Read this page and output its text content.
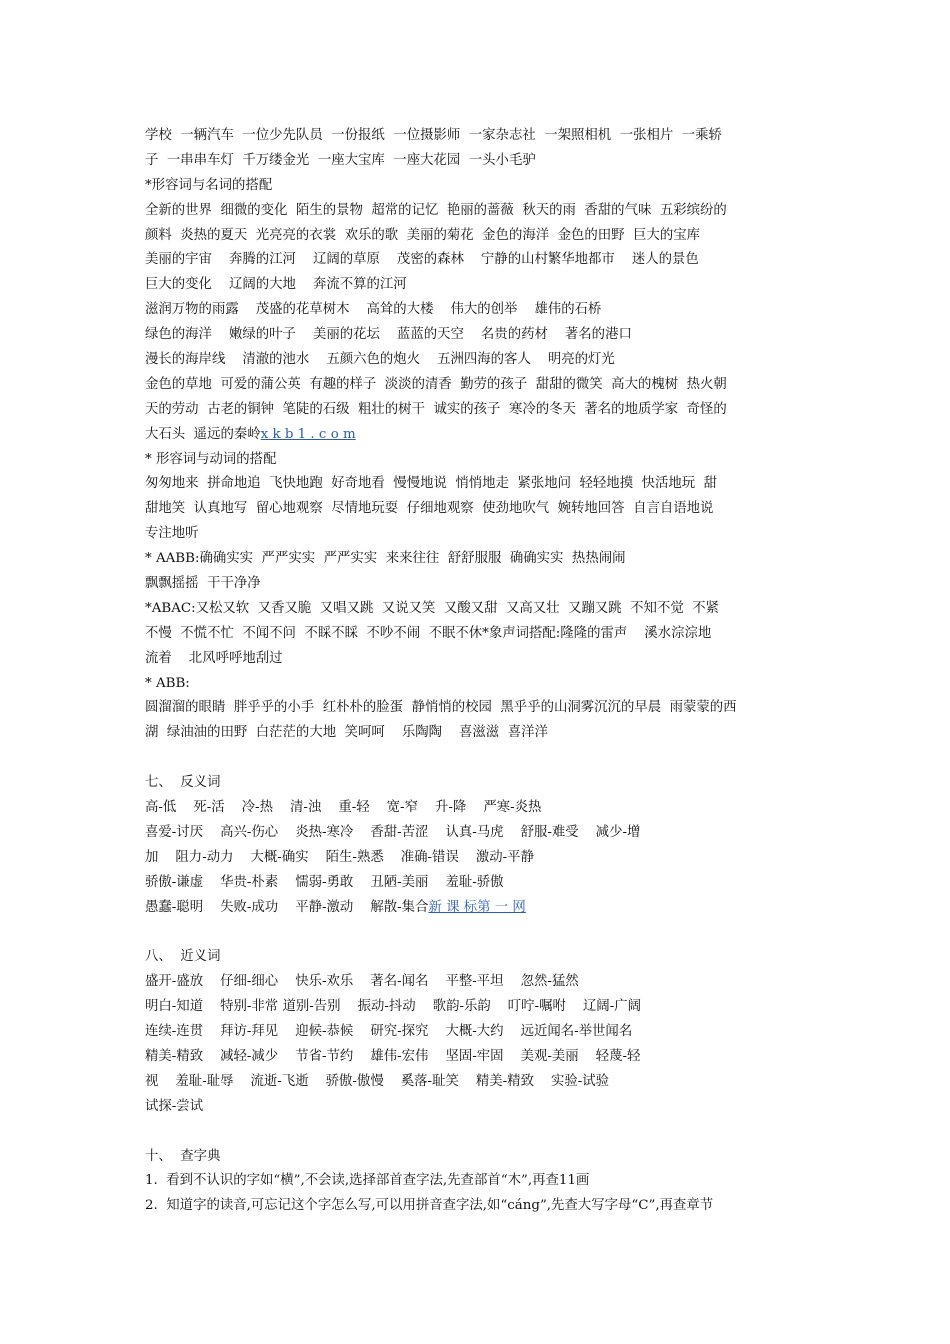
学校  一辆汽车  一位少先队员  一份报纸  一位摄影师  一家杂志社  一架照相机  一张相片  一乘轿
子  一串串车灯  千万缕金光  一座大宝库  一座大花园  一头小毛驴
*形容词与名词的搭配
全新的世界  细微的变化  陌生的景物  超常的记忆  艳丽的蔷薇  秋天的雨  香甜的气味  五彩缤纷的
颜料  炎热的夏天  光亮亮的衣裳  欢乐的歌  美丽的菊花  金色的海洋  金色的田野  巨大的宝库
美丽的宇宙    奔腾的江河    辽阔的草原    茂密的森林    宁静的山村繁华地都市    迷人的景色
巨大的变化    辽阔的大地    奔流不算的江河
滋润万物的雨露    茂盛的花草树木    高耸的大楼    伟大的创举    雄伟的石桥
绿色的海洋    嫩绿的叶子    美丽的花坛    蓝蓝的天空    名贵的药材    著名的港口
漫长的海岸线    清澈的池水    五颜六色的炮火    五洲四海的客人    明亮的灯光
金色的草地  可爱的蒲公英  有趣的样子  淡淡的清香  勤劳的孩子  甜甜的微笑  高大的槐树  热火朝
天的劳动  古老的铜钟  笔陡的石级  粗壮的树干  诚实的孩子  寒冷的冬天  著名的地质学家  奇怪的
大石头  遥远的秦岭x k b 1 . c o m
* 形容词与动词的搭配
匆匆地来  拼命地追  飞快地跑  好奇地看  慢慢地说  悄悄地走  紧张地问  轻轻地摸  快活地玩  甜
甜地笑  认真地写  留心地观察  尽情地玩耍  仔细地观察  使劲地吹气  婉转地回答  自言自语地说
专注地听
* AABB:确确实实  严严实实  严严实实  来来往往  舒舒服服  确确实实  热热闹闹
飘飘摇摇  干干净净
*ABAC:又松又软  又香又脆  又唱又跳  又说又笑  又酸又甜  又高又壮  又蹦又跳  不知不觉  不紧
不慢  不慌不忙  不闻不问  不睬不睬  不吵不闹  不眠不休*象声词搭配:隆隆的雷声    溪水淙淙地
流着    北风呼呼地刮过
* ABB:
圆溜溜的眼睛  胖乎乎的小手  红朴朴的脸蛋  静悄悄的校园  黑乎乎的山洞雾沉沉的早晨  雨蒙蒙的西
湖  绿油油的田野  白茫茫的大地  笑呵呵    乐陶陶    喜滋滋  喜洋洋
七、  反义词
高-低    死-活    冷-热    清-浊    重-轻    宽-窄    升-降    严寒-炎热
喜爱-讨厌    高兴-伤心    炎热-寒冷    香甜-苦涩    认真-马虎    舒服-难受    减少-增
加    阻力-动力    大概-确实    陌生-熟悉    准确-错误    激动-平静
骄傲-谦虚    华贵-朴素    懦弱-勇敢    丑陋-美丽    羞耻-骄傲
愚蠢-聪明    失败-成功    平静-激动    解散-集合新 课 标第 一 网
八、  近义词
盛开-盛放    仔细-细心    快乐-欢乐    著名-闻名    平整-平坦    忽然-猛然
明白-知道    特别-非常 道别-告别    振动-抖动    歌韵-乐韵    叮咛-嘱咐    辽阔-广阔
连续-连贯    拜访-拜见    迎候-恭候    研究-探究    大概-大约    远近闻名-举世闻名
精美-精致    减轻-减少    节省-节约    雄伟-宏伟    坚固-牢固    美观-美丽    轻蔑-轻
视    羞耻-耻辱    流逝-飞逝    骄傲-傲慢    奚落-耻笑    精美-精致    实验-试验
试探-尝试
十、  查字典
1.  看到不认识的字如“横”,不会读,选择部首查字法,先查部首“木”,再查11画
2.  知道字的读音,可忘记这个字怎么写,可以用拼音查字法,如“cáng”,先查大写字母“C”,再查章节
